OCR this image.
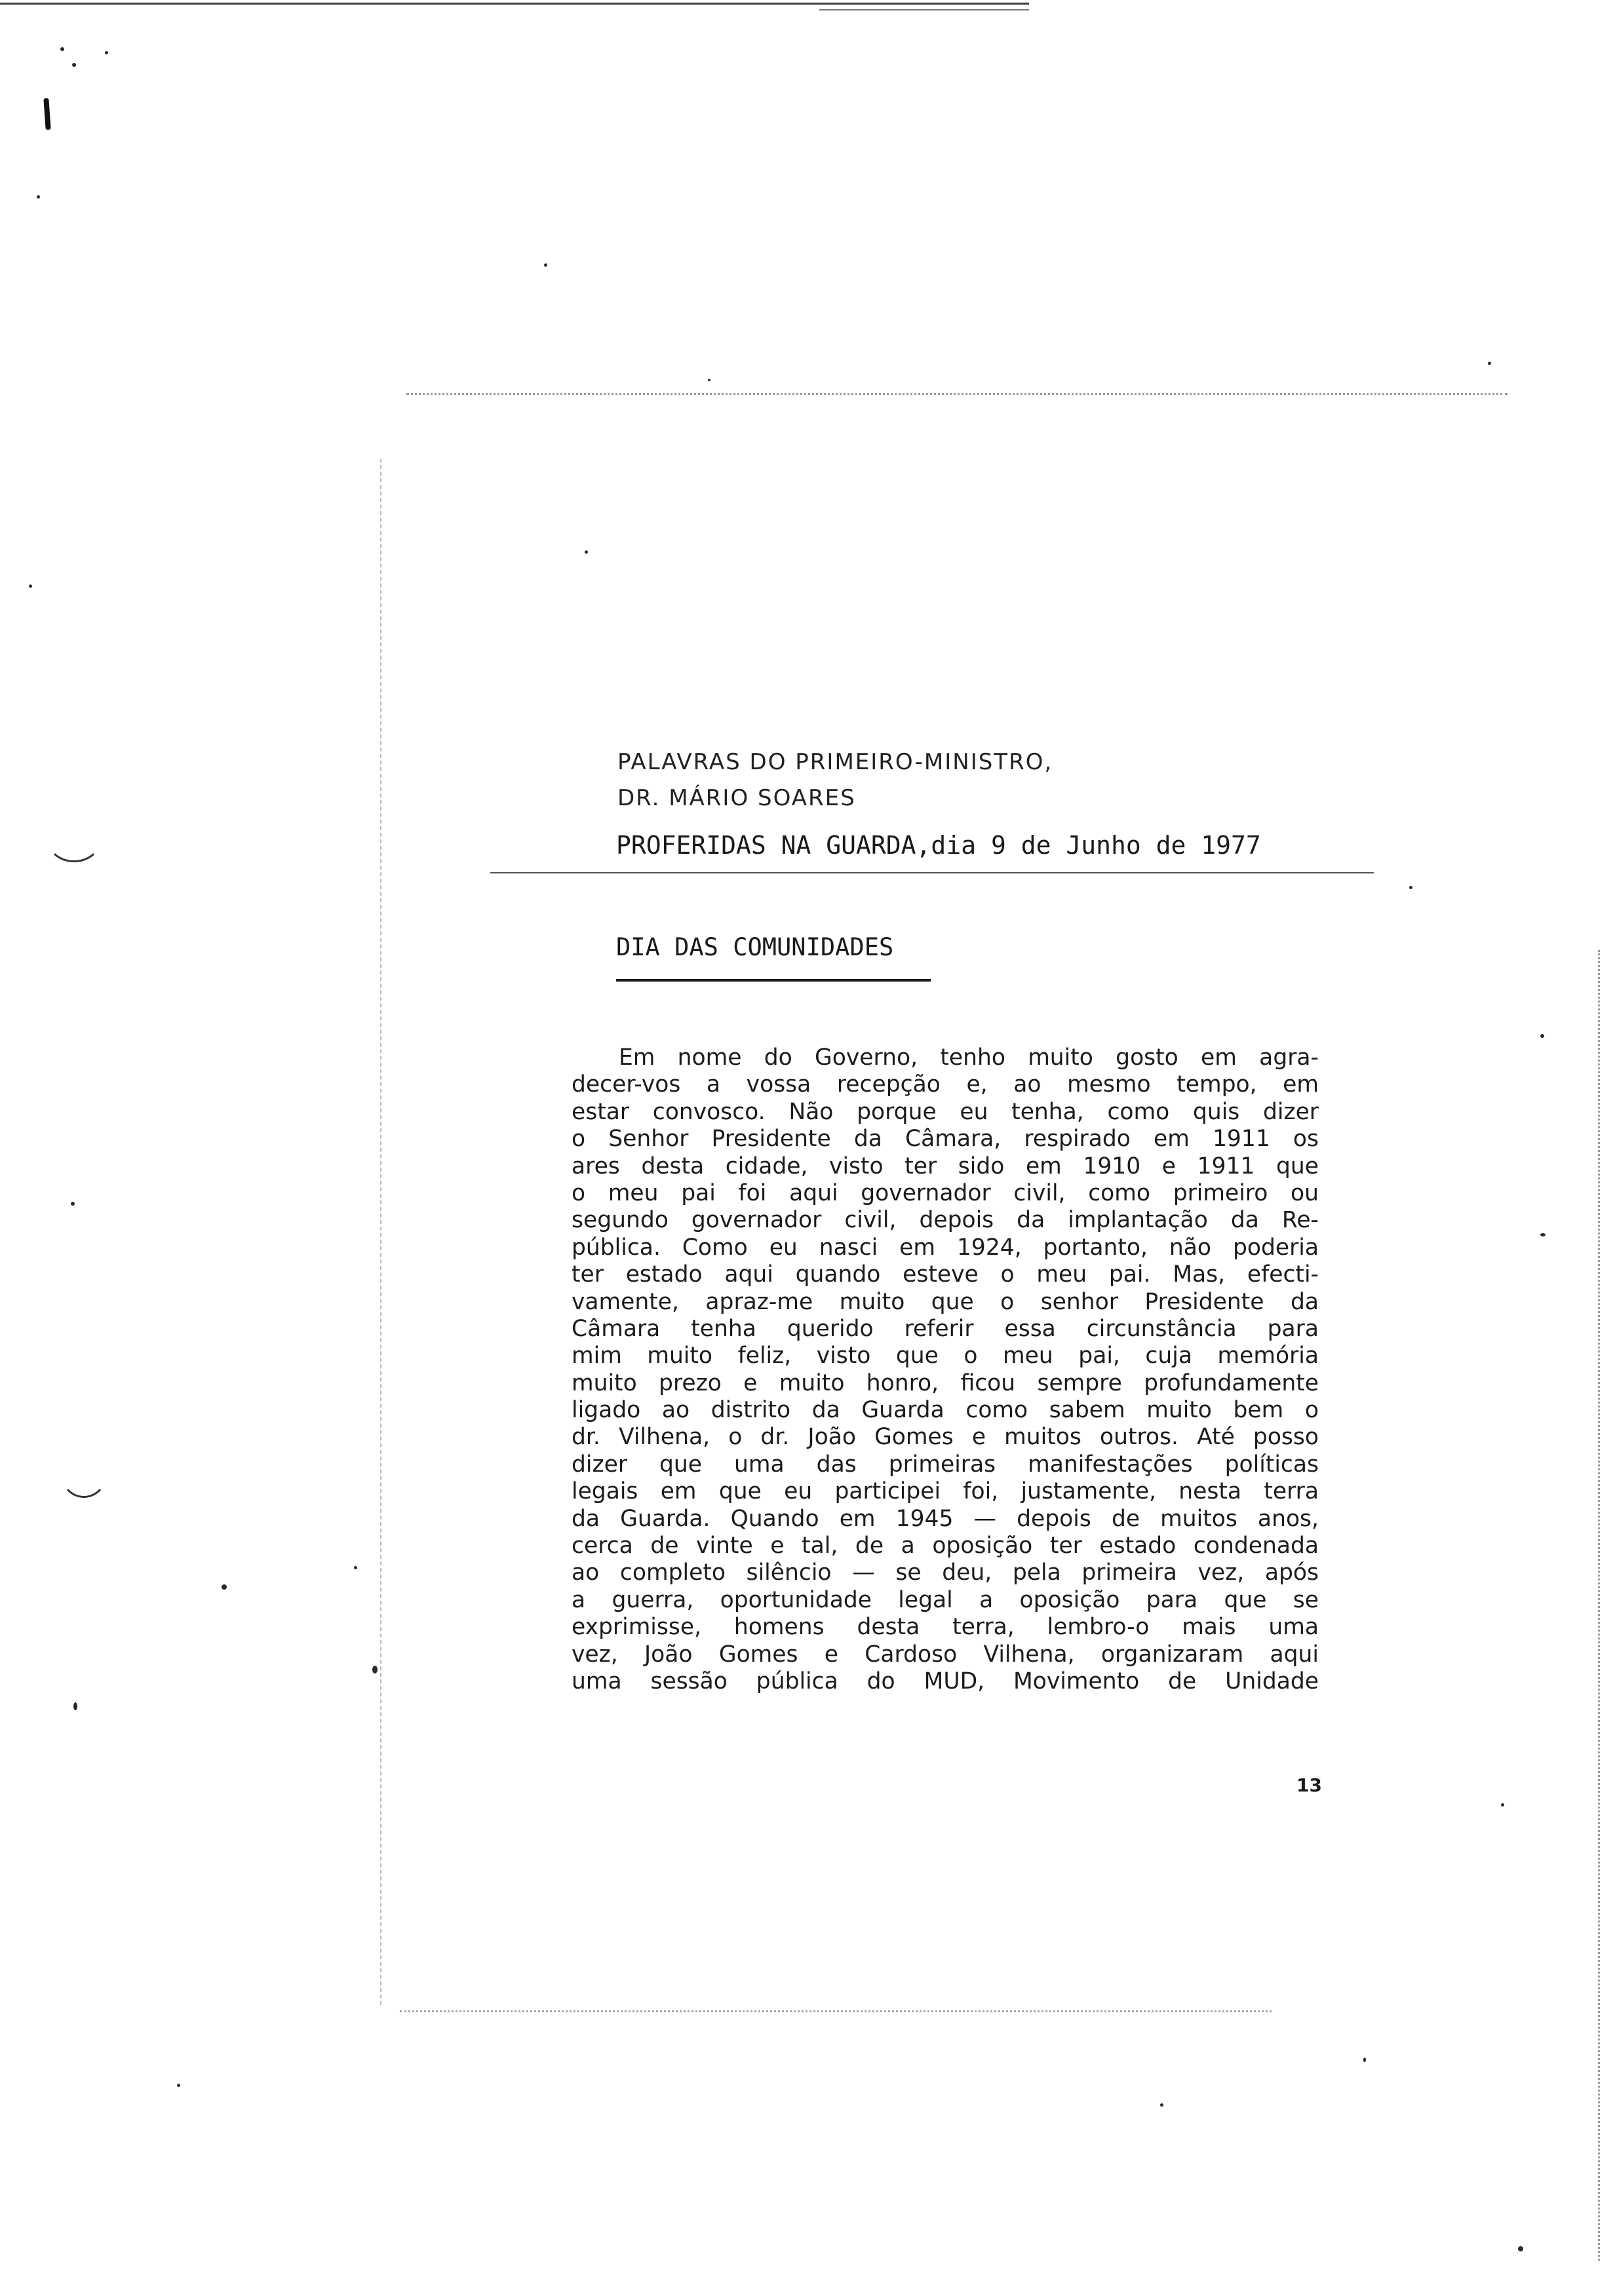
PALAVRAS DO PRIMEIRO-MINISTRO,
DR. MÁRIO SOARES
PROFERIDAS NA GUARDA,dia 9 de Junho de 1977
DIA DAS COMUNIDADES
Em nome do Governo, tenho muito gosto em agra-
decer-vos a vossa recepção e, ao mesmo tempo, em
estar convosco. Não porque eu tenha, como quis dizer
o Senhor Presidente da Câmara, respirado em 1911 os
ares desta cidade, visto ter sido em 1910 e 1911 que
o meu pai foi aqui governador civil, como primeiro ou
segundo governador civil, depois da implantação da Re-
pública. Como eu nasci em 1924, portanto, não poderia
ter estado aqui quando esteve o meu pai. Mas, efecti-
vamente, apraz-me muito que o senhor Presidente da
Câmara tenha querido referir essa circunstância para
mim muito feliz, visto que o meu pai, cuja memória
muito prezo e muito honro, ficou sempre profundamente
ligado ao distrito da Guarda como sabem muito bem o
dr. Vilhena, o dr. João Gomes e muitos outros. Até posso
dizer que uma das primeiras manifestações políticas
legais em que eu participei foi, justamente, nesta terra
da Guarda. Quando em 1945 — depois de muitos anos,
cerca de vinte e tal, de a oposição ter estado condenada
ao completo silêncio — se deu, pela primeira vez, após
a guerra, oportunidade legal a oposição para que se
exprimisse, homens desta terra, lembro-o mais uma
vez, João Gomes e Cardoso Vilhena, organizaram aqui
uma sessão pública do MUD, Movimento de Unidade
13
